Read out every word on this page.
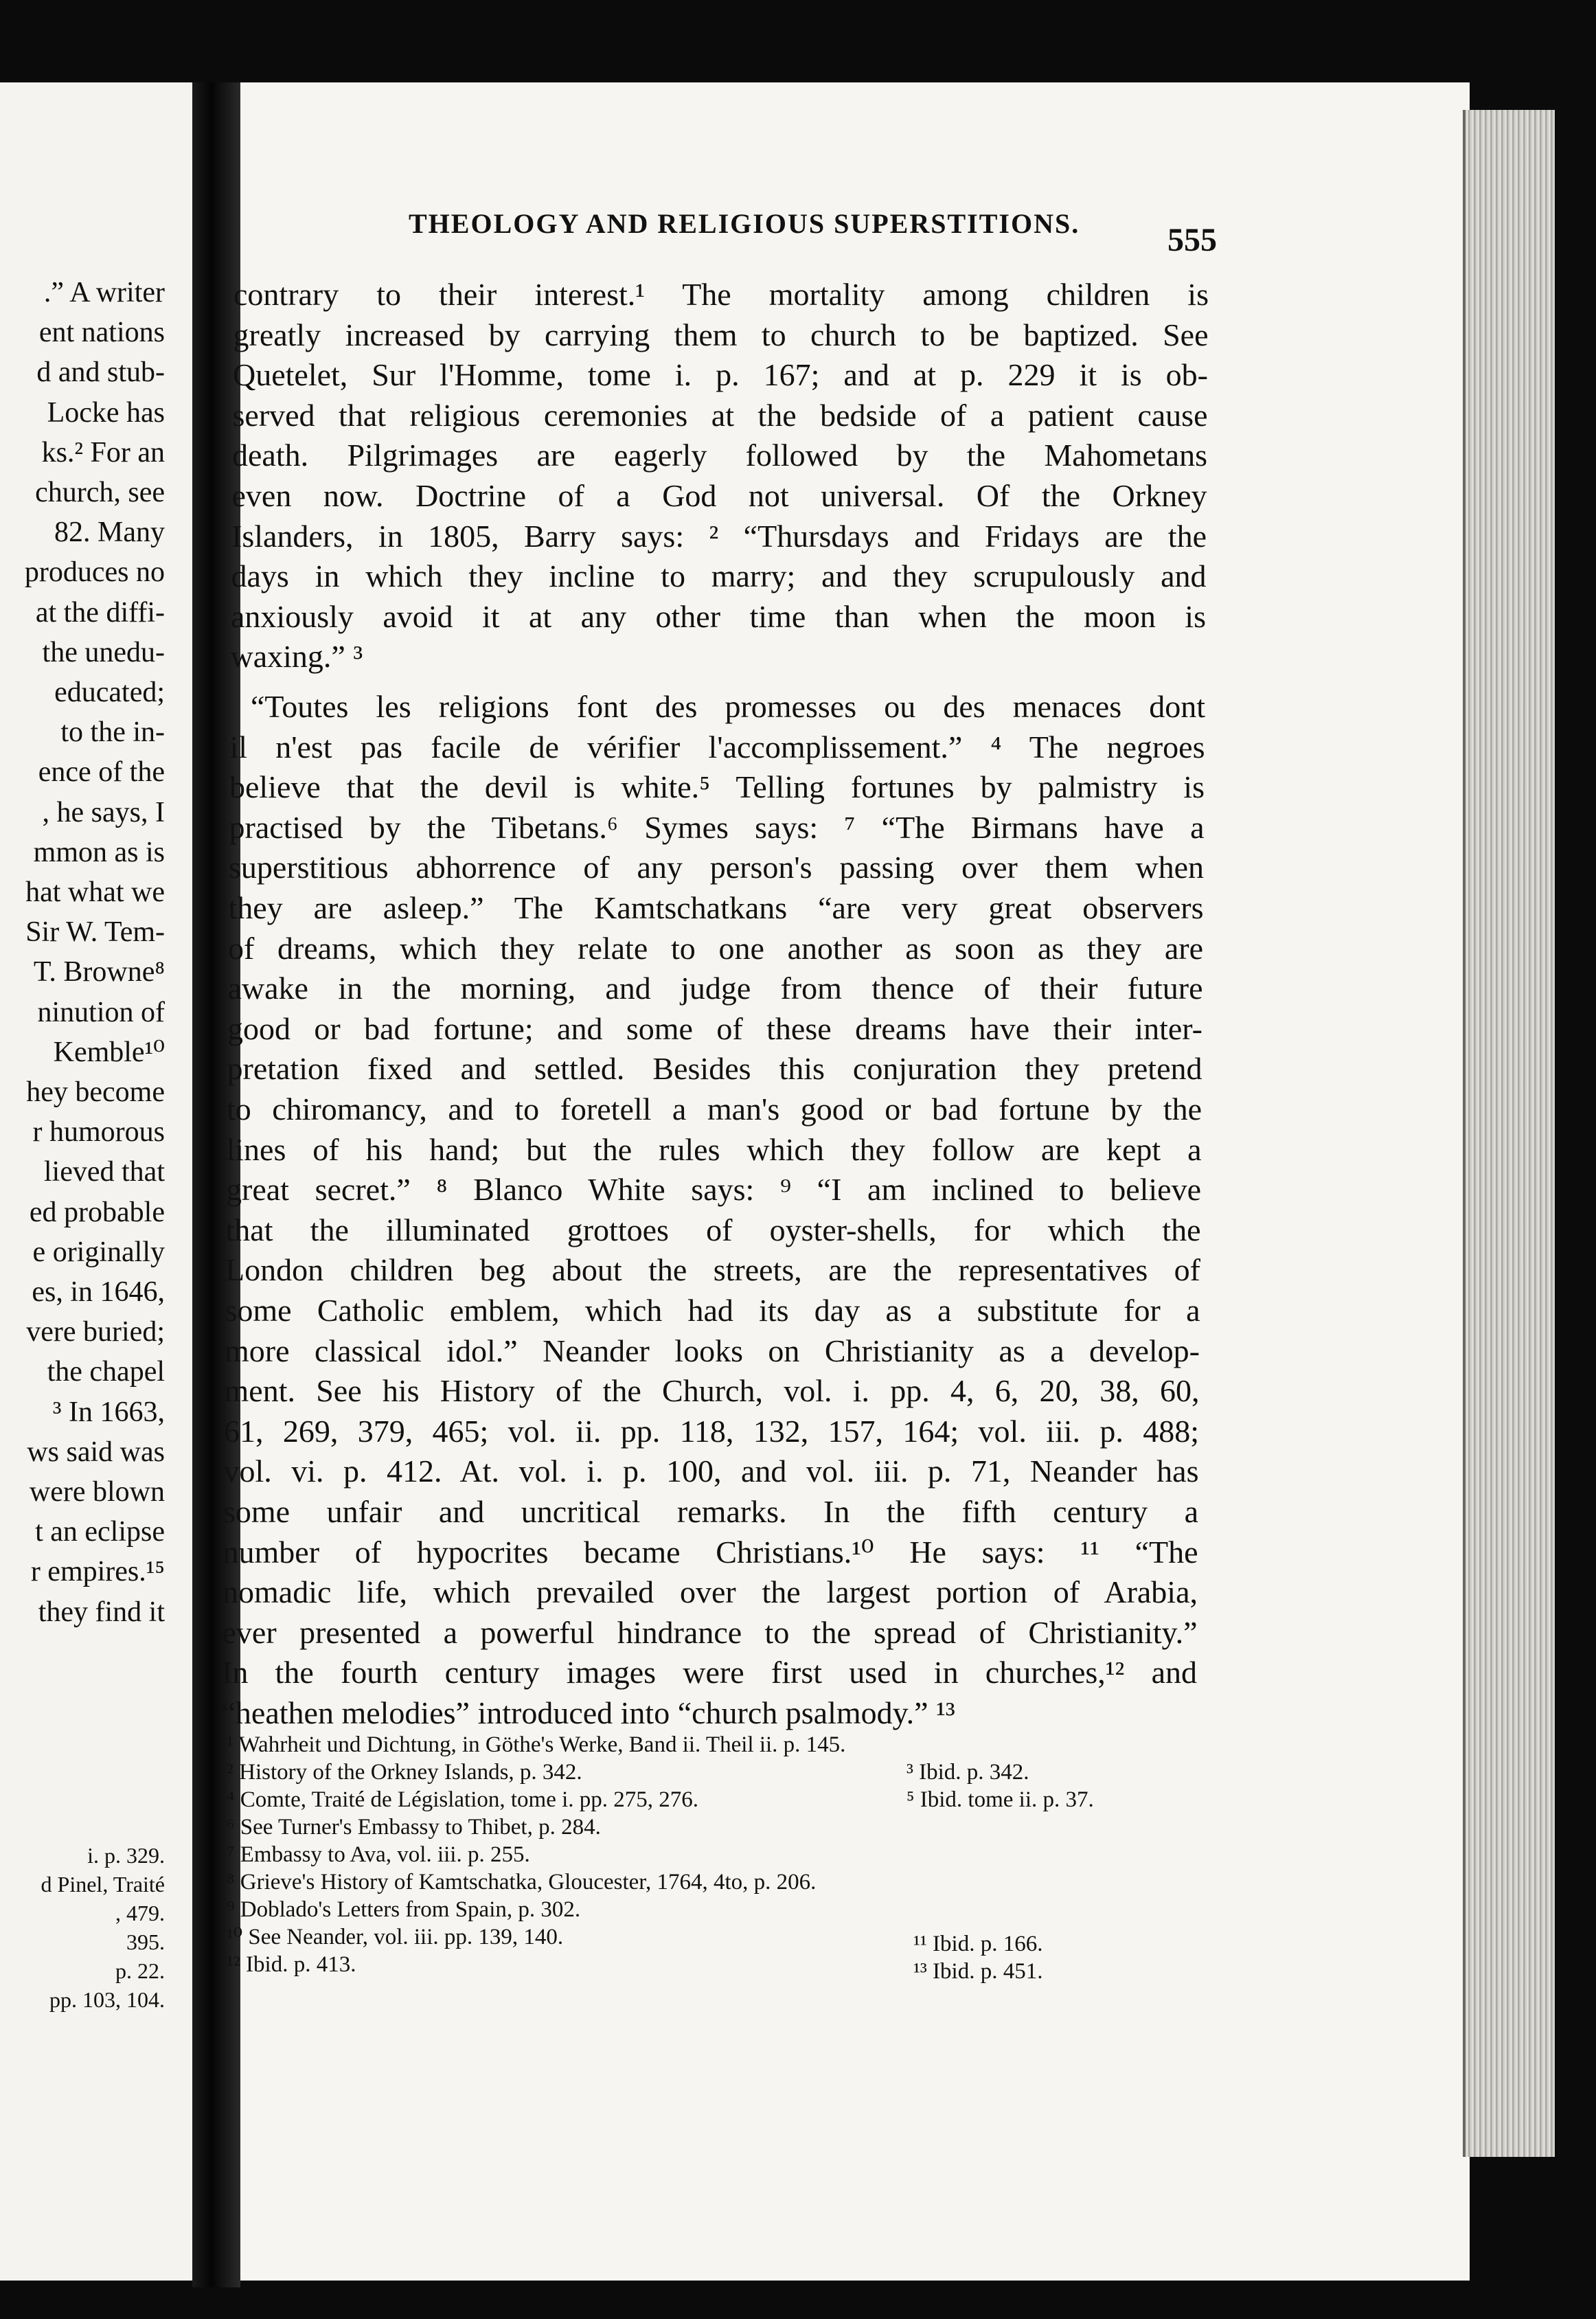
.” A writer
ent nations
d and stub-
Locke has
ks.² For an
church, see
82. Many
produces no
at the diffi-
the unedu-
educated;
to the in-
ence of the
, he says, I
mmon as is
hat what we
Sir W. Tem-
T. Browne⁸
ninution of
Kemble¹⁰
hey become
r humorous
lieved that
ed probable
e originally
es, in 1646,
vere buried;
the chapel
³ In 1663,
ws said was
were blown
t an eclipse
r empires.¹⁵
they find it
i. p. 329.
d Pinel, Traité
, 479.
395.
p. 22.
pp. 103, 104.
THEOLOGY AND RELIGIOUS SUPERSTITIONS.	555
contrary to their interest.¹ The mortality among children is
greatly increased by carrying them to church to be baptized. See
Quetelet, Sur l'Homme, tome i. p. 167; and at p. 229 it is ob-
served that religious ceremonies at the bedside of a patient cause
death. Pilgrimages are eagerly followed by the Mahometans
even now. Doctrine of a God not universal. Of the Orkney
Islanders, in 1805, Barry says: ² “Thursdays and Fridays are the
days in which they incline to marry; and they scrupulously and
anxiously avoid it at any other time than when the moon is
waxing.” ³
“Toutes les religions font des promesses ou des menaces dont
il n'est pas facile de vérifier l'accomplissement.” ⁴ The negroes
believe that the devil is white.⁵ Telling fortunes by palmistry is
practised by the Tibetans.⁶ Symes says: ⁷ “The Birmans have a
superstitious abhorrence of any person's passing over them when
they are asleep.” The Kamtschatkans “are very great observers
of dreams, which they relate to one another as soon as they are
awake in the morning, and judge from thence of their future
good or bad fortune; and some of these dreams have their inter-
pretation fixed and settled. Besides this conjuration they pretend
to chiromancy, and to foretell a man's good or bad fortune by the
lines of his hand; but the rules which they follow are kept a
great secret.” ⁸ Blanco White says: ⁹ “I am inclined to believe
that the illuminated grottoes of oyster-shells, for which the
London children beg about the streets, are the representatives of
some Catholic emblem, which had its day as a substitute for a
more classical idol.” Neander looks on Christianity as a develop-
ment. See his History of the Church, vol. i. pp. 4, 6, 20, 38, 60,
61, 269, 379, 465; vol. ii. pp. 118, 132, 157, 164; vol. iii. p. 488;
vol. vi. p. 412. At. vol. i. p. 100, and vol. iii. p. 71, Neander has
some unfair and uncritical remarks. In the fifth century a
number of hypocrites became Christians.¹⁰ He says: ¹¹ “The
nomadic life, which prevailed over the largest portion of Arabia,
ever presented a powerful hindrance to the spread of Christianity.”
In the fourth century images were first used in churches,¹² and
“heathen melodies” introduced into “church psalmody.” ¹³
¹ Wahrheit und Dichtung, in Göthe's Werke, Band ii. Theil ii. p. 145.
² History of the Orkney Islands, p. 342.
⁴ Comte, Traité de Législation, tome i. pp. 275, 276.
⁶ See Turner's Embassy to Thibet, p. 284.
⁷ Embassy to Ava, vol. iii. p. 255.
⁸ Grieve's History of Kamtschatka, Gloucester, 1764, 4to, p. 206.
⁹ Doblado's Letters from Spain, p. 302.
¹⁰ See Neander, vol. iii. pp. 139, 140.
¹² Ibid. p. 413.
³ Ibid. p. 342.
⁵ Ibid. tome ii. p. 37.
¹¹ Ibid. p. 166.
¹³ Ibid. p. 451.
